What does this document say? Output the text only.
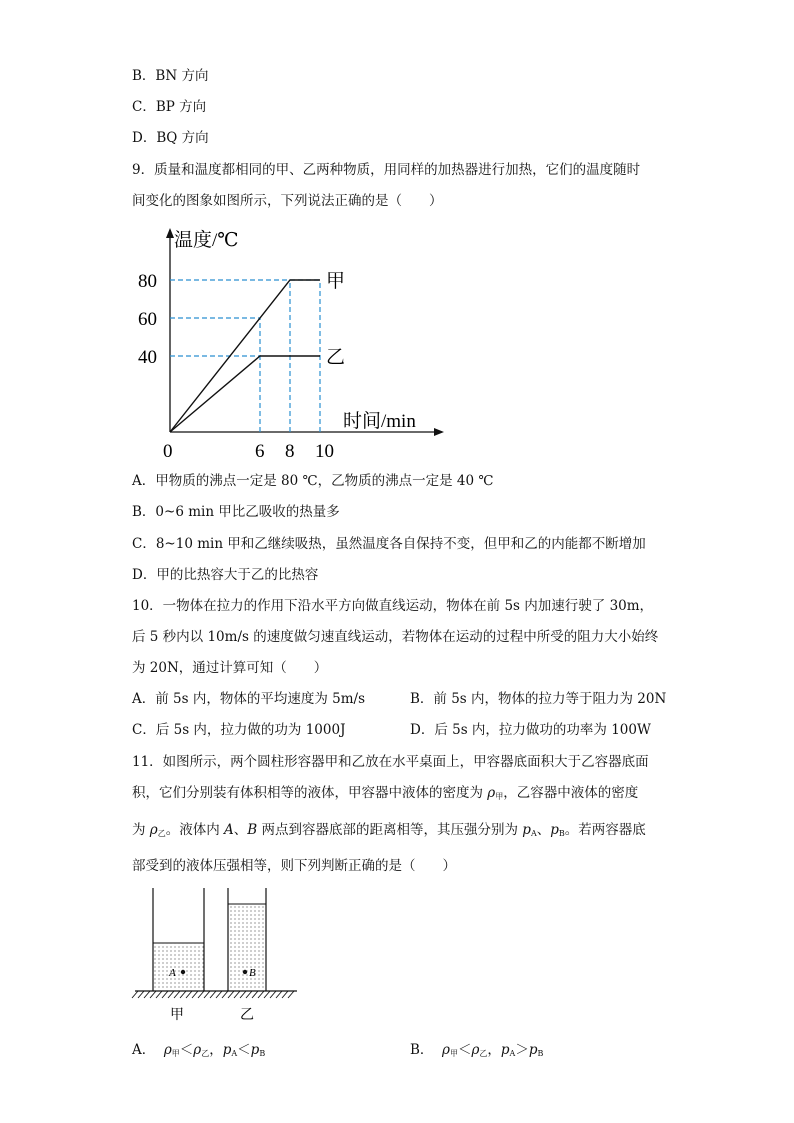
B．BN 方向
C．BP 方向
D．BQ 方向
9．质量和温度都相同的甲、乙两种物质，用同样的加热器进行加热，它们的温度随时
间变化的图象如图所示，下列说法正确的是（　　）
温度/℃
时间/min
0
40
60
80
6 8 10
甲
乙
A．甲物质的沸点一定是 80 ℃，乙物质的沸点一定是 40 ℃
B．0~6 min 甲比乙吸收的热量多
C．8~10 min 甲和乙继续吸热，虽然温度各自保持不变，但甲和乙的内能都不断增加
D．甲的比热容大于乙的比热容
10．一物体在拉力的作用下沿水平方向做直线运动，物体在前 5s 内加速行驶了 30m，
后 5 秒内以 10m/s 的速度做匀速直线运动，若物体在运动的过程中所受的阻力大小始终
为 20N，通过计算可知（　　）
A．前 5s 内，物体的平均速度为 5m/s	B．前 5s 内，物体的拉力等于阻力为 20N
C．后 5s 内，拉力做的功为 1000J	D．后 5s 内，拉力做功的功率为 100W
11．如图所示，两个圆柱形容器甲和乙放在水平桌面上，甲容器底面积大于乙容器底面
积，它们分别装有体积相等的液体，甲容器中液体的密度为 $\rho_甲$，乙容器中液体的密度
为 $\rho_乙$。液体内 A、B 两点到容器底部的距离相等，其压强分别为 $p_A$、$p_B$。若两容器底
部受到的液体压强相等，则下列判断正确的是（　　）
A	B
甲	乙
A． $\rho_甲<\rho_乙$，$p_A<p_B$	B． $\rho_甲<\rho_乙$，$p_A>p_B$
